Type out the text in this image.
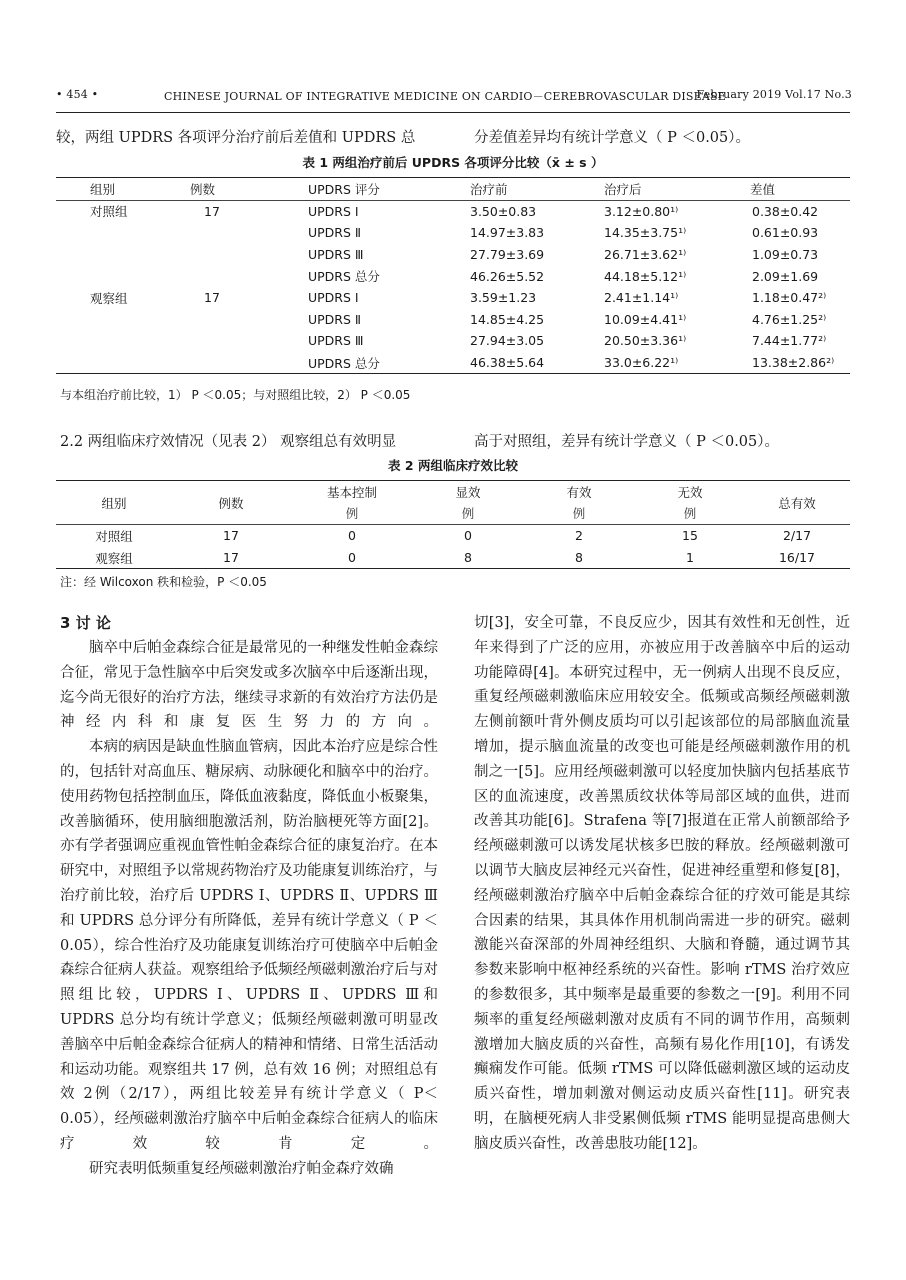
• 454 •	CHINESE JOURNAL OF INTEGRATIVE MEDICINE ON CARDIO－CEREBROVASCULAR DISEASE
February 2019 Vol.17 No.3
较，两组 UPDRS 各项评分治疗前后差值和 UPDRS 总	分差值差异均有统计学意义（ P ＜0.05）。
表 1 两组治疗前后 UPDRS 各项评分比较（x̄ ± s ）
组别	例数	UPDRS 评分	治疗前	治疗后	差值
对照组	17	UPDRS Ⅰ	3.50±0.83	3.12±0.80¹⁾	0.38±0.42
		UPDRS Ⅱ	14.97±3.83	14.35±3.75¹⁾	0.61±0.93
		UPDRS Ⅲ	27.79±3.69	26.71±3.62¹⁾	1.09±0.73
		UPDRS 总分	46.26±5.52	44.18±5.12¹⁾	2.09±1.69
观察组	17	UPDRS Ⅰ	3.59±1.23	2.41±1.14¹⁾	1.18±0.47²⁾
		UPDRS Ⅱ	14.85±4.25	10.09±4.41¹⁾	4.76±1.25²⁾
		UPDRS Ⅲ	27.94±3.05	20.50±3.36¹⁾	7.44±1.77²⁾
		UPDRS 总分	46.38±5.64	33.0±6.22¹⁾	13.38±2.86²⁾

与本组治疗前比较，1） P ＜0.05；与对照组比较，2） P ＜0.05
2.2 两组临床疗效情况（见表 2） 观察组总有效明显	高于对照组，差异有统计学意义（ P ＜0.05）。
表 2 两组临床疗效比较
组别	例数	基本控制	显效	有效	无效	总有效
		例	例	例	例	
对照组	17	0	0	2	15	2/17
观察组	17	0	8	8	1	16/17

注：经 Wilcoxon 秩和检验，P ＜0.05
3 讨 论
脑卒中后帕金森综合征是最常见的一种继发性帕金森综合征，常见于急性脑卒中后突发或多次脑卒中后逐渐出现，迄今尚无很好的治疗方法，继续寻求新的有效治疗方法仍是神经内科和康复医生努力的方向。
本病的病因是缺血性脑血管病，因此本治疗应是综合性的，包括针对高血压、糖尿病、动脉硬化和脑卒中的治疗。使用药物包括控制血压，降低血液黏度，降低血小板聚集，改善脑循环，使用脑细胞激活剂，防治脑梗死等方面[2]。亦有学者强调应重视血管性帕金森综合征的康复治疗。在本研究中，对照组予以常规药物治疗及功能康复训练治疗，与治疗前比较，治疗后 UPDRS Ⅰ、UPDRS Ⅱ、UPDRS Ⅲ和 UPDRS 总分评分有所降低，差异有统计学意义（ P ＜0.05），综合性治疗及功能康复训练治疗可使脑卒中后帕金森综合征病人获益。观察组给予低频经颅磁刺激治疗后与对照组比较，UPDRS Ⅰ、UPDRS Ⅱ、UPDRS Ⅲ和 UPDRS 总分均有统计学意义；低频经颅磁刺激可明显改善脑卒中后帕金森综合征病人的精神和情绪、日常生活活动和运动功能。观察组共 17 例，总有效 16 例；对照组总有效 2例（2/17），两组比较差异有统计学意义（ P＜0.05），经颅磁刺激治疗脑卒中后帕金森综合征病人的临床疗效较肯定。
研究表明低频重复经颅磁刺激治疗帕金森疗效确
切[3]，安全可靠，不良反应少，因其有效性和无创性，近年来得到了广泛的应用，亦被应用于改善脑卒中后的运动功能障碍[4]。本研究过程中，无一例病人出现不良反应，重复经颅磁刺激临床应用较安全。低频或高频经颅磁刺激左侧前额叶背外侧皮质均可以引起该部位的局部脑血流量增加，提示脑血流量的改变也可能是经颅磁刺激作用的机制之一[5]。应用经颅磁刺激可以轻度加快脑内包括基底节区的血流速度，改善黑质纹状体等局部区域的血供，进而改善其功能[6]。Strafena 等[7]报道在正常人前额部给予经颅磁刺激可以诱发尾状核多巴胺的释放。经颅磁刺激可以调节大脑皮层神经元兴奋性，促进神经重塑和修复[8]，经颅磁刺激治疗脑卒中后帕金森综合征的疗效可能是其综合因素的结果，其具体作用机制尚需进一步的研究。磁刺激能兴奋深部的外周神经组织、大脑和脊髓，通过调节其参数来影响中枢神经系统的兴奋性。影响 rTMS 治疗效应的参数很多，其中频率是最重要的参数之一[9]。利用不同频率的重复经颅磁刺激对皮质有不同的调节作用，高频刺激增加大脑皮质的兴奋性，高频有易化作用[10]，有诱发癫痫发作可能。低频 rTMS 可以降低磁刺激区域的运动皮质兴奋性，增加刺激对侧运动皮质兴奋性[11]。研究表明，在脑梗死病人非受累侧低频 rTMS 能明显提高患侧大脑皮质兴奋性，改善患肢功能[12]。
